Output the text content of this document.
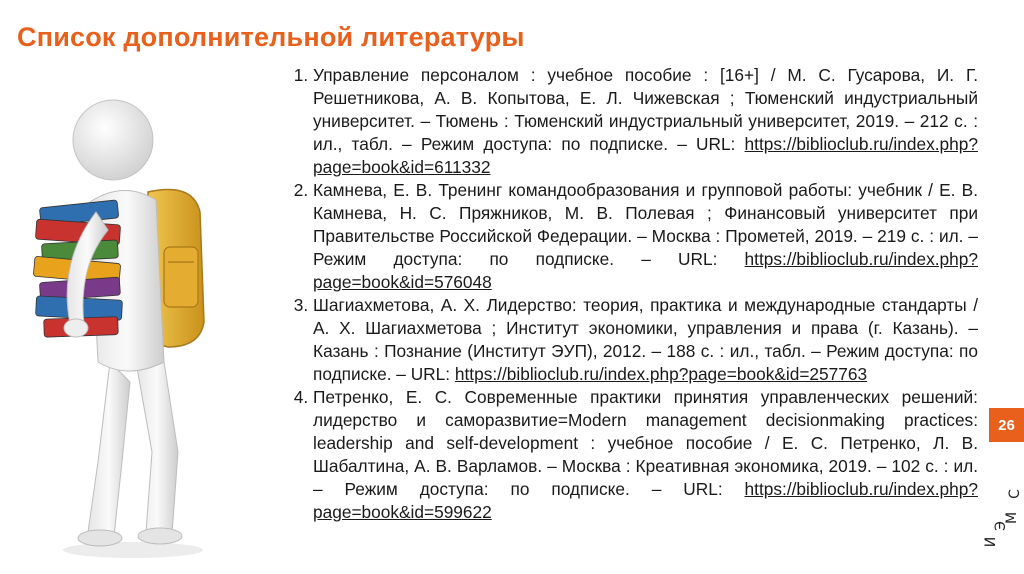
Список дополнительной литературы
1. Управление персоналом : учебное пособие : [16+] / М. С. Гусарова, И. Г. Решетникова, А. В. Копытова, Е. Л. Чижевская ; Тюменский индустриальный университет. – Тюмень : Тюменский индустриальный университет, 2019. – 212 с. : ил., табл. – Режим доступа: по подписке. – URL: https://biblioclub.ru/index.php?page=book&id=611332
2. Камнева, Е. В. Тренинг командообразования и групповой работы: учебник / Е. В. Камнева, Н. С. Пряжников, М. В. Полевая ; Финансовый университет при Правительстве Российской Федерации. – Москва : Прометей, 2019. – 219 с. : ил. – Режим доступа: по подписке. – URL: https://biblioclub.ru/index.php?page=book&id=576048
3. Шагиахметова, А. Х. Лидерство: теория, практика и международные стандарты / А. Х. Шагиахметова ; Институт экономики, управления и права (г. Казань). – Казань : Познание (Институт ЭУП), 2012. – 188 с. : ил., табл. – Режим доступа: по подписке. – URL: https://biblioclub.ru/index.php?page=book&id=257763
4. Петренко, Е. С. Современные практики принятия управленческих решений: лидерство и саморазвитие=Modern management decisionmaking practices: leadership and self-development : учебное пособие / Е. С. Петренко, Л. В. Шабалтина, А. В. Варламов. – Москва : Креативная экономика, 2019. – 102 с. : ил. – Режим доступа: по подписке. – URL: https://biblioclub.ru/index.php?page=book&id=599622
26
И
Э
М
С
